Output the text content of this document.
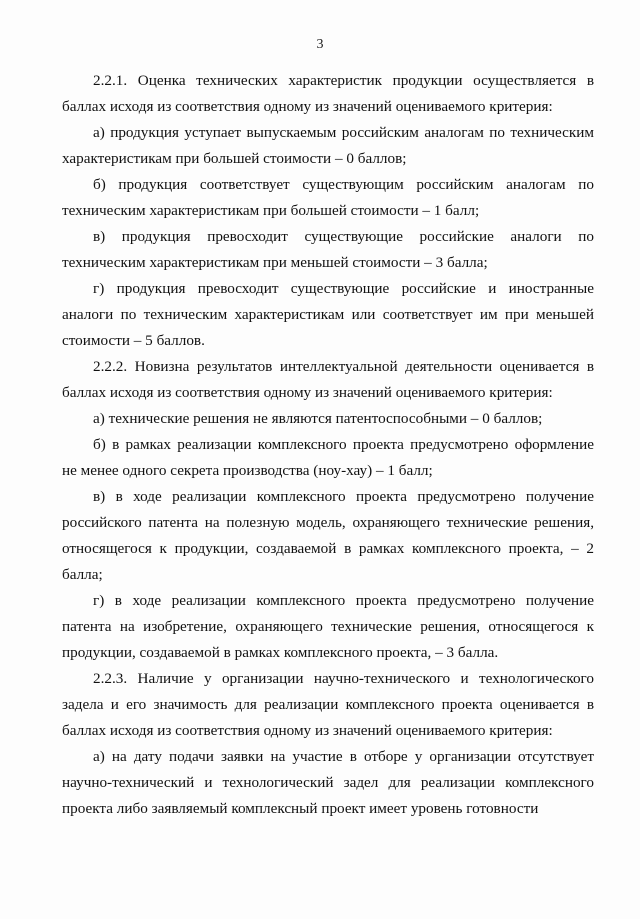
3

2.2.1. Оценка технических характеристик продукции осуществляется в баллах исходя из соответствия одному из значений оцениваемого критерия:

а) продукция уступает выпускаемым российским аналогам по техническим характеристикам при большей стоимости – 0 баллов;

б) продукция соответствует существующим российским аналогам по техническим характеристикам при большей стоимости – 1 балл;

в) продукция превосходит существующие российские аналоги по техническим характеристикам при меньшей стоимости – 3 балла;

г) продукция превосходит существующие российские и иностранные аналоги по техническим характеристикам или соответствует им при меньшей стоимости – 5 баллов.

2.2.2. Новизна результатов интеллектуальной деятельности оценивается в баллах исходя из соответствия одному из значений оцениваемого критерия:

а) технические решения не являются патентоспособными – 0 баллов;

б) в рамках реализации комплексного проекта предусмотрено оформление не менее одного секрета производства (ноу-хау) – 1 балл;

в) в ходе реализации комплексного проекта предусмотрено получение российского патента на полезную модель, охраняющего технические решения, относящегося к продукции, создаваемой в рамках комплексного проекта, – 2 балла;

г) в ходе реализации комплексного проекта предусмотрено получение патента на изобретение, охраняющего технические решения, относящегося к продукции, создаваемой в рамках комплексного проекта, – 3 балла.

2.2.3. Наличие у организации научно-технического и технологического задела и его значимость для реализации комплексного проекта оценивается в баллах исходя из соответствия одному из значений оцениваемого критерия:

а) на дату подачи заявки на участие в отборе у организации отсутствует научно-технический и технологический задел для реализации комплексного проекта либо заявляемый комплексный проект имеет уровень готовности
